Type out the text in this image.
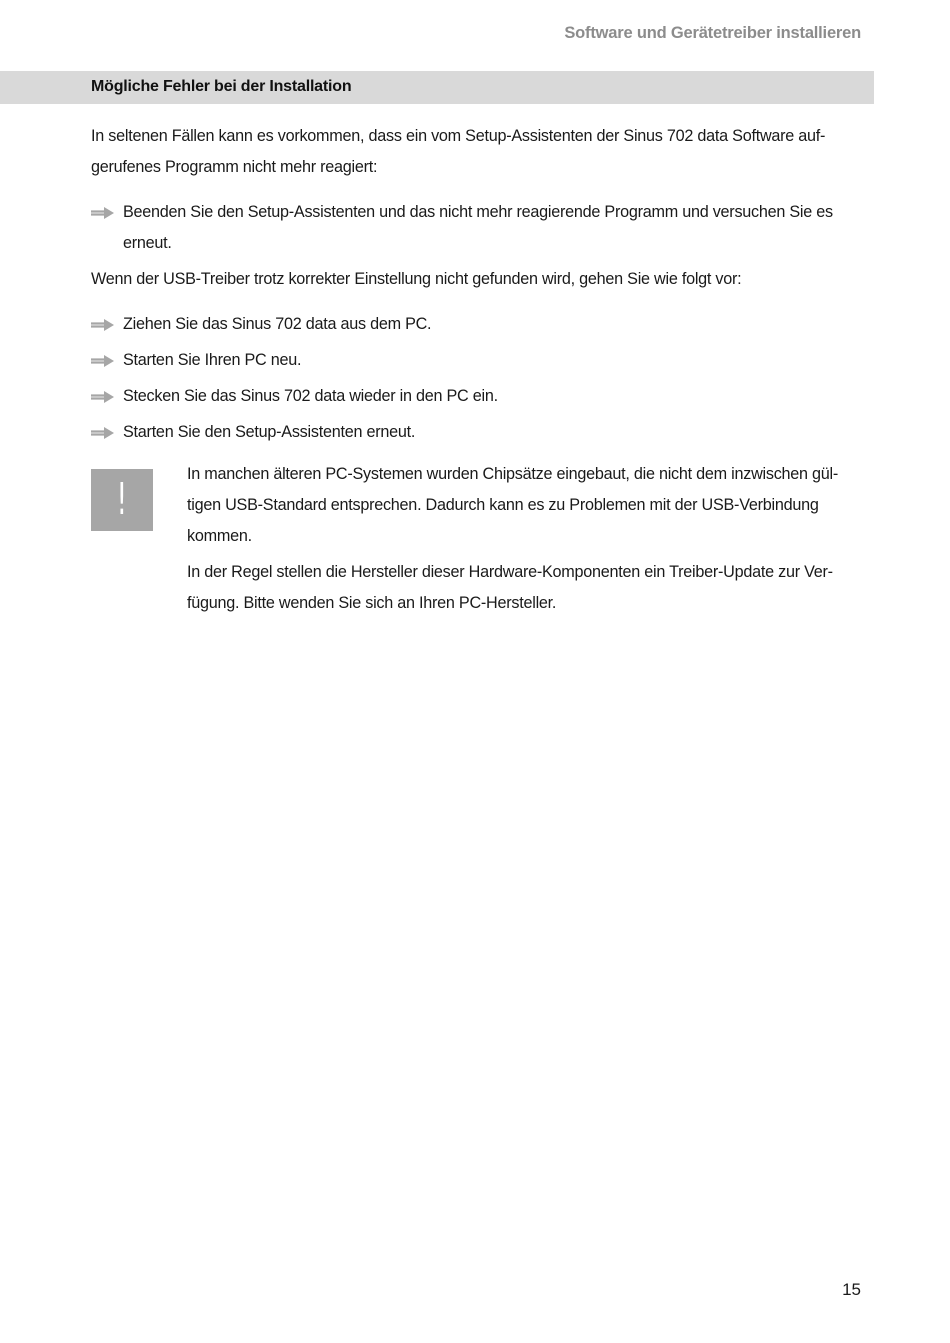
Software und Gerätetreiber installieren
Mögliche Fehler bei der Installation

In seltenen Fällen kann es vorkommen, dass ein vom Setup-Assistenten der Sinus 702 data Software auf-gerufenes Programm nicht mehr reagiert:

Beenden Sie den Setup-Assistenten und das nicht mehr reagierende Programm und versuchen Sie es erneut.

Wenn der USB-Treiber trotz korrekter Einstellung nicht gefunden wird, gehen Sie wie folgt vor:

Ziehen Sie das Sinus 702 data aus dem PC.

Starten Sie Ihren PC neu.

Stecken Sie das Sinus 702 data wieder in den PC ein.

Starten Sie den Setup-Assistenten erneut.

!	In manchen älteren PC-Systemen wurden Chipsätze eingebaut, die nicht dem inzwischen gül-tigen USB-Standard entsprechen. Dadurch kann es zu Problemen mit der USB-Verbindung kommen.

In der Regel stellen die Hersteller dieser Hardware-Komponenten ein Treiber-Update zur Ver-fügung. Bitte wenden Sie sich an Ihren PC-Hersteller.

15
